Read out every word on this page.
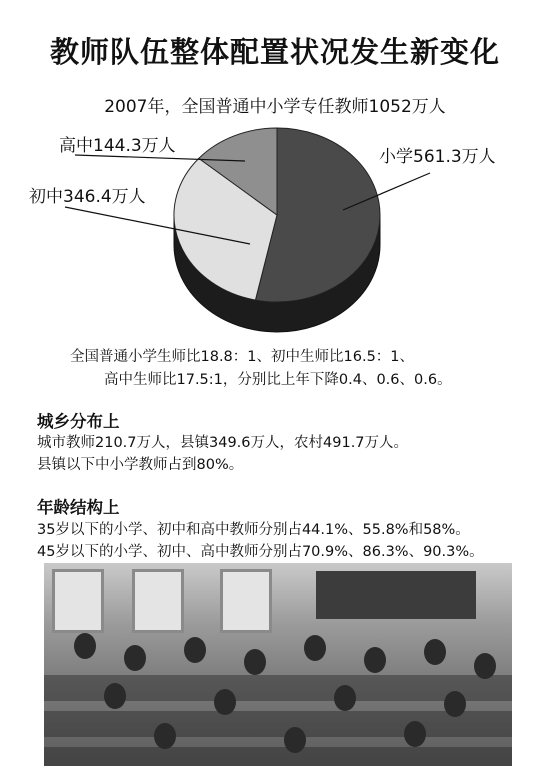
教师队伍整体配置状况发生新变化
2007年，全国普通中小学专任教师1052万人
高中144.3万人
初中346.4万人
小学561.3万人
全国普通小学生师比18.8：1、初中生师比16.5：1、
高中生师比17.5:1，分别比上年下降0.4、0.6、0.6。
城乡分布上
城市教师210.7万人，县镇349.6万人，农村491.7万人。
县镇以下中小学教师占到80%。
年龄结构上
35岁以下的小学、初中和高中教师分别占44.1%、55.8%和58%。
45岁以下的小学、初中、高中教师分别占70.9%、86.3%、90.3%。
